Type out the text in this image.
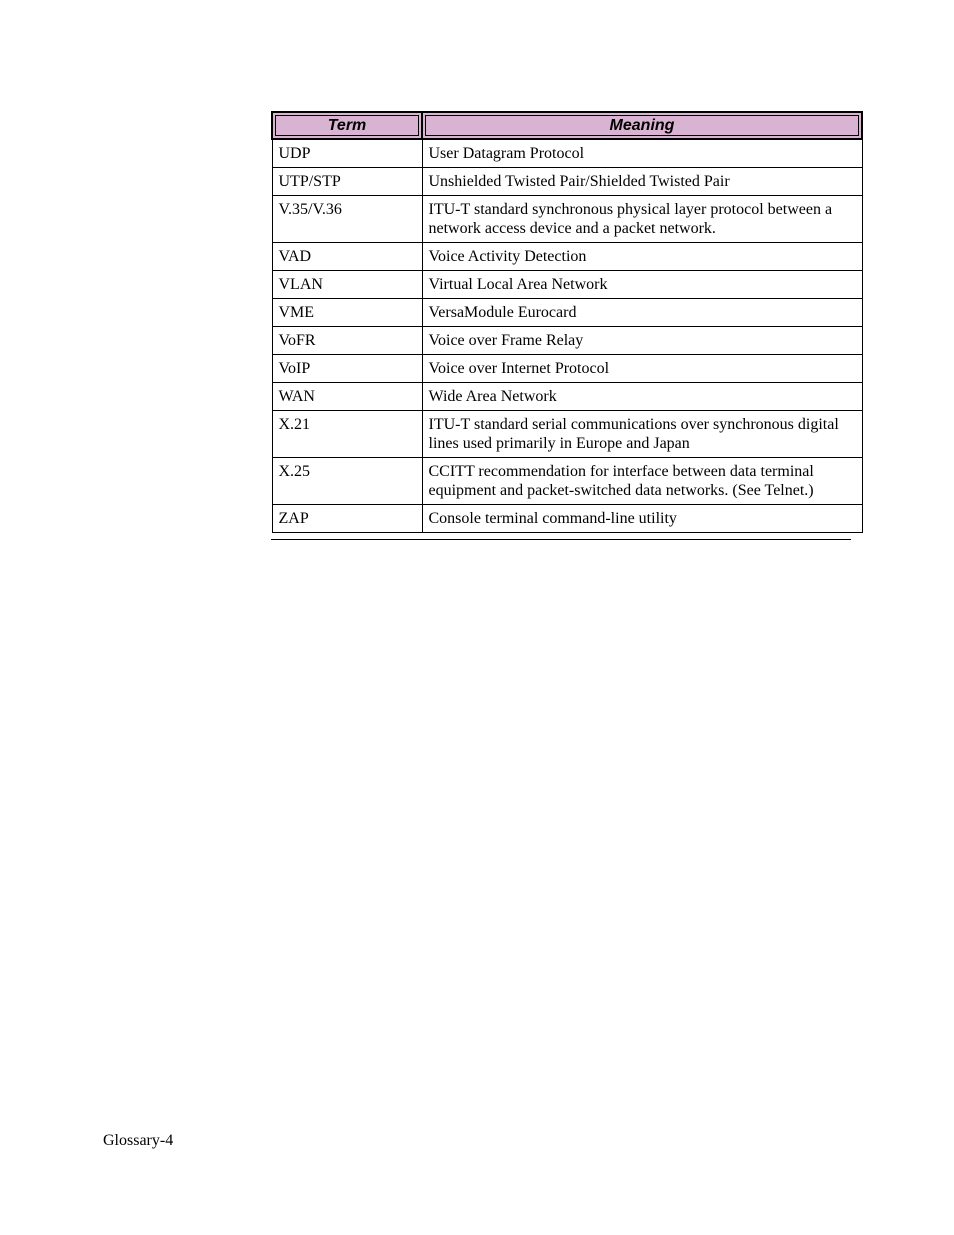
Term	Meaning
UDP	User Datagram Protocol
UTP/STP	Unshielded Twisted Pair/Shielded Twisted Pair
V.35/V.36	ITU-T standard synchronous physical layer protocol between a network access device and a packet network.
VAD	Voice Activity Detection
VLAN	Virtual Local Area Network
VME	VersaModule Eurocard
VoFR	Voice over Frame Relay
VoIP	Voice over Internet Protocol
WAN	Wide Area Network
X.21	ITU-T standard serial communications over synchronous digital lines used primarily in Europe and Japan
X.25	CCITT recommendation for interface between data terminal equipment and packet-switched data networks. (See Telnet.)
ZAP	Console terminal command-line utility
Glossary-4
